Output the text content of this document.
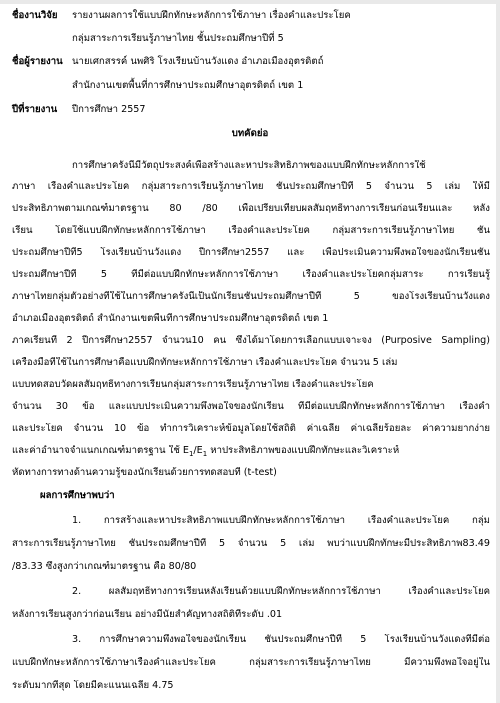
ชื่องานวิจัย	รายงานผลการใช้แบบฝึกทักษะหลักการใช้ภาษา เรื่องคำและประโยค
กลุ่มสาระการเรียนรู้ภาษาไทย ชั้นประถมศึกษาปีที่ 5
ชื่อผู้รายงาน นายเศกสรรค์ นพศิริ โรงเรียนบ้านวังแดง อำเภอเมืองอุตรดิตถ์
สำนักงานเขตพื้นที่การศึกษาประถมศึกษาอุตรดิตถ์ เขต 1
ปีที่รายงาน	ปีการศึกษา 2557
บทคัดย่อ
การศึกษาครั้งนี้มีวัตถุประสงค์เพื่อสร้างและหาประสิทธิภาพของแบบฝึกทักษะหลักการใช้
ภาษา เรื่องคำและประโยค กลุ่มสาระการเรียนรู้ภาษาไทย ชั้นประถมศึกษาปีที่ 5 จำนวน 5 เล่ม ให้มี
ประสิทธิภาพตามเกณฑ์มาตรฐาน 80 /80 เพื่อเปรียบเทียบผลสัมฤทธิ์ทางการเรียนก่อนเรียนและ หลัง
เรียน โดยใช้แบบฝึกทักษะหลักการใช้ภาษา เรื่องคำและประโยค กลุ่มสาระการเรียนรู้ภาษาไทย ชั้น
ประถมศึกษาปีที่5 โรงเรียนบ้านวังแดง ปีการศึกษา2557 และ เพื่อประเมินความพึงพอใจของนักเรียนชั้น
ประถมศึกษาปีที่ 5 ที่มีต่อแบบฝึกทักษะหลักการใช้ภาษา เรื่องคำและประโยคกลุ่มสาระ การเรียนรู้
ภาษาไทยกลุ่มตัวอย่างที่ใช้ในการศึกษาครั้งนี้เป็นนักเรียนชั้นประถมศึกษาปีที่ 5 ของโรงเรียนบ้านวังแดง
อำเภอเมืองอุตรดิตถ์ สำนักงานเขตพื้นที่การศึกษาประถมศึกษาอุตรดิตถ์ เขต 1
ภาคเรียนที่ 2 ปีการศึกษา2557 จำนวน10 คน ซึ่งได้มาโดยการเลือกแบบเจาะจง (Purposive Sampling)
เครื่องมือที่ใช้ในการศึกษาคือแบบฝึกทักษะหลักการใช้ภาษา เรื่องคำและประโยค จำนวน 5 เล่ม
แบบทดสอบวัดผลสัมฤทธิ์ทางการเรียนกลุ่มสาระการเรียนรู้ภาษาไทย เรื่องคำและประโยค
จำนวน 30 ข้อ และแบบประเมินความพึงพอใจของนักเรียน ที่มีต่อแบบฝึกทักษะหลักการใช้ภาษา เรื่องคำ
และประโยค จำนวน 10 ข้อ ทำการวิเคราะห์ข้อมูลโดยใช้สถิติ ค่าเฉลี่ย ค่าเฉลี่ยร้อยละ ค่าความยากง่าย
และค่าอำนาจจำแนกเกณฑ์มาตรฐาน ใช้ $E_1/E_1$ หาประสิทธิภาพของแบบฝึกทักษะและวิเคราะห์
หัดทางการทางด้านความรู้ของนักเรียนด้วยการทดสอบที (t-test)
ผลการศึกษาพบว่า
1. การสร้างและหาประสิทธิภาพแบบฝึกทักษะหลักการใช้ภาษา เรื่องคำและประโยค กลุ่ม
สาระการเรียนรู้ภาษาไทย ชั้นประถมศึกษาปีที่ 5 จำนวน 5 เล่ม พบว่าแบบฝึกทักษะมีประสิทธิภาพ83.49
/83.33 ซึ่งสูงกว่าเกณฑ์มาตรฐาน คือ 80/80
2. ผลสัมฤทธิ์ทางการเรียนหลังเรียนด้วยแบบฝึกทักษะหลักการใช้ภาษา เรื่องคำและประโยค
หลังการเรียนสูงกว่าก่อนเรียน อย่างมีนัยสำคัญทางสถิติที่ระดับ .01
3. การศึกษาความพึงพอใจของนักเรียน ชั้นประถมศึกษาปีที่ 5 โรงเรียนบ้านวังแดงที่มีต่อ
แบบฝึกทักษะหลักการใช้ภาษาเรื่องคำและประโยค กลุ่มสาระการเรียนรู้ภาษาไทย มีความพึงพอใจอยู่ใน
ระดับมากที่สุด โดยมีคะแนนเฉลี่ย 4.75
